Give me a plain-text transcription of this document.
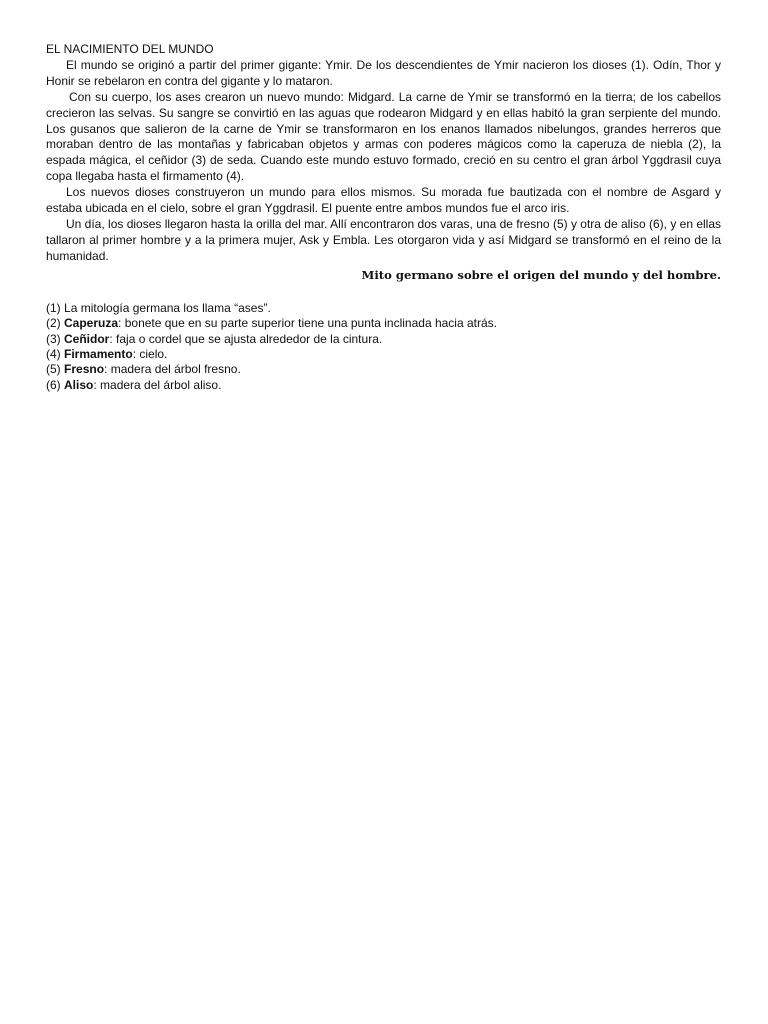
EL NACIMIENTO DEL MUNDO

El mundo se originó a partir del primer gigante: Ymir. De los descendientes de Ymir nacieron los dioses (1). Odín, Thor y Honir se rebelaron en contra del gigante y lo mataron.

Con su cuerpo, los ases crearon un nuevo mundo: Midgard. La carne de Ymir se transformó en la tierra; de los cabellos crecieron las selvas. Su sangre se convirtió en las aguas que rodearon Midgard y en ellas habitó la gran serpiente del mundo. Los gusanos que salieron de la carne de Ymir se transformaron en los enanos llamados nibelungos, grandes herreros que moraban dentro de las montañas y fabricaban objetos y armas con poderes mágicos como la caperuza de niebla (2), la espada mágica, el ceñidor (3) de seda. Cuando este mundo estuvo formado, creció en su centro el gran árbol Yggdrasil cuya copa llegaba hasta el firmamento (4).

Los nuevos dioses construyeron un mundo para ellos mismos. Su morada fue bautizada con el nombre de Asgard y estaba ubicada en el cielo, sobre el gran Yggdrasil. El puente entre ambos mundos fue el arco iris.

Un día, los dioses llegaron hasta la orilla del mar. Allí encontraron dos varas, una de fresno (5) y otra de aliso (6), y en ellas tallaron al primer hombre y a la primera mujer, Ask y Embla. Les otorgaron vida y así Midgard se transformó en el reino de la humanidad.

Mito germano sobre el origen del mundo y del hombre.

(1) La mitología germana los llama “ases”.
(2) Caperuza: bonete que en su parte superior tiene una punta inclinada hacia atrás.
(3) Ceñidor: faja o cordel que se ajusta alrededor de la cintura.
(4) Firmamento: cielo.
(5) Fresno: madera del árbol fresno.
(6) Aliso: madera del árbol aliso.
